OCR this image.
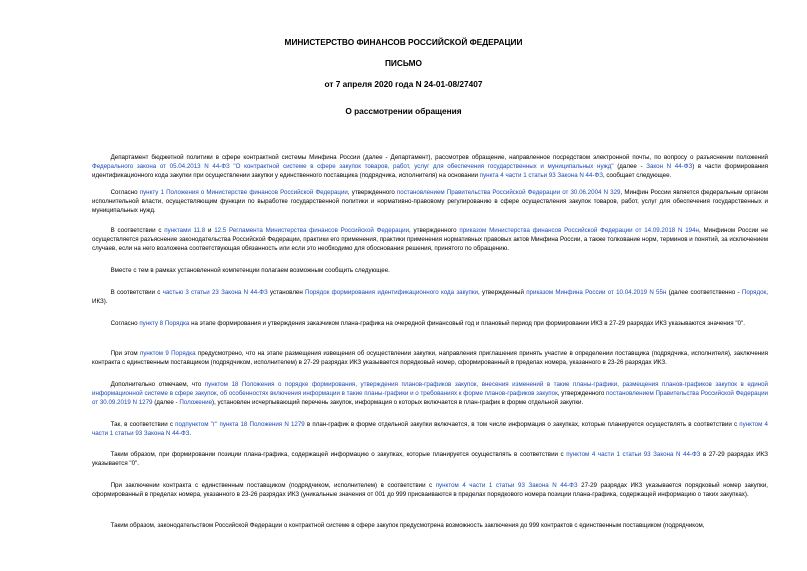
МИНИСТЕРСТВО ФИНАНСОВ РОССИЙСКОЙ ФЕДЕРАЦИИ
ПИСЬМО
от 7 апреля 2020 года N 24-01-08/27407
О рассмотрении обращения
   Департамент бюджетной политики в сфере контрактной системы Минфина России (далее - Департамент), рассмотрев обращение, направленное посредством электронной почты, по вопросу о разъяснении положений Федерального закона от 05.04.2013 N 44-ФЗ "О контрактной системе в сфере закупок товаров, работ, услуг для обеспечения государственных и муниципальных нужд" (далее - Закон N 44-ФЗ) в части формирования идентификационного кода закупки при осуществлении закупки у единственного поставщика (подрядчика, исполнителя) на основании пункта 4 части 1 статьи 93 Закона N 44-ФЗ, сообщает следующее.
   Согласно пункту 1 Положения о Министерстве финансов Российской Федерации, утвержденного постановлением Правительства Российской Федерации от 30.06.2004 N 329, Минфин России является федеральным органом исполнительной власти, осуществляющим функции по выработке государственной политики и нормативно-правовому регулированию в сфере осуществления закупок товаров, работ, услуг для обеспечения государственных и муниципальных нужд.
   В соответствии с пунктами 11.8 и 12.5 Регламента Министерства финансов Российской Федерации, утвержденного приказом Министерства финансов Российской Федерации от 14.09.2018 N 194н, Минфином России не осуществляется разъяснение законодательства Российской Федерации, практики его применения, практики применения нормативных правовых актов Минфина России, а также толкование норм, терминов и понятий, за исключением случаев, если на него возложена соответствующая обязанность или если это необходимо для обоснования решения, принятого по обращению.
   Вместе с тем в рамках установленной компетенции полагаем возможным сообщить следующее.
   В соответствии с частью 3 статьи 23 Закона N 44-ФЗ установлен Порядок формирования идентификационного кода закупки, утвержденный приказом Минфина России от 10.04.2019 N 55н (далее соответственно - Порядок, ИКЗ).
   Согласно пункту 8 Порядка на этапе формирования и утверждения заказчиком плана-графика на очередной финансовый год и плановый период при формировании ИКЗ в 27-29 разрядах ИКЗ указываются значения "0".
   При этом пунктом 9 Порядка предусмотрено, что на этапе размещения извещения об осуществлении закупки, направления приглашения принять участие в определении поставщика (подрядчика, исполнителя), заключения контракта с единственным поставщиком (подрядчиком, исполнителем) в 27-29 разрядах ИКЗ указывается порядковый номер, сформированный в пределах номера, указанного в 23-26 разрядах ИКЗ.
   Дополнительно отмечаем, что пунктом 18 Положения о порядке формирования, утверждения планов-графиков закупок, внесения изменений в такие планы-графики, размещения планов-графиков закупок в единой информационной системе в сфере закупок, об особенностях включения информации в такие планы-графики и о требованиях к форме планов-графиков закупок, утвержденного постановлением Правительства Российской Федерации от 30.09.2019 N 1279 (далее - Положение), установлен исчерпывающий перечень закупок, информация о которых включается в план-график в форме отдельной закупки.
   Так, в соответствии с подпунктом "г" пункта 18 Положения N 1279 в план-график в форме отдельной закупки включается, в том числе информация о закупках, которые планируется осуществлять в соответствии с пунктом 4 части 1 статьи 93 Закона N 44-ФЗ.
   Таким образом, при формировании позиции плана-графика, содержащей информацию о закупках, которые планируется осуществлять в соответствии с пунктом 4 части 1 статьи 93 Закона N 44-ФЗ в 27-29 разрядах ИКЗ указывается "0".
   При заключении контракта с единственным поставщиком (подрядчиком, исполнителем) в соответствии с пунктом 4 части 1 статьи 93 Закона N 44-ФЗ 27-29 разрядах ИКЗ указывается порядковый номер закупки, сформированный в пределах номера, указанного в 23-26 разрядах ИКЗ (уникальные значения от 001 до 999 присваиваются в пределах порядкового номера позиции плана-графика, содержащей информацию о таких закупках).
   Таким образом, законодательством Российской Федерации о контрактной системе в сфере закупок предусмотрена возможность заключения до 999 контрактов с единственным поставщиком (подрядчиком,
